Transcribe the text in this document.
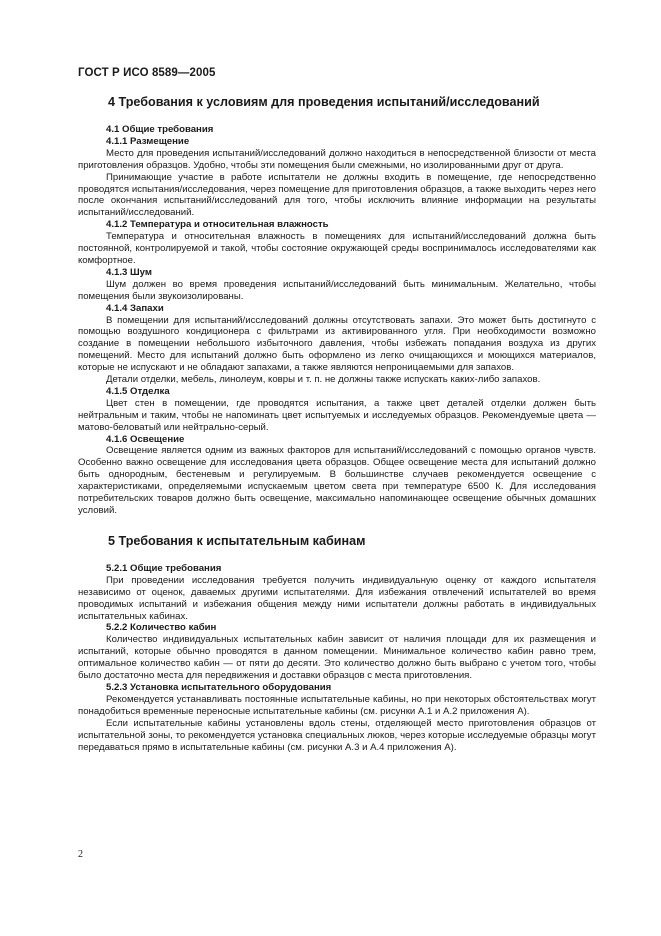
ГОСТ Р ИСО 8589—2005
4 Требования к условиям для проведения испытаний/исследований
4.1 Общие требования
4.1.1 Размещение

Место для проведения испытаний/исследований должно находиться в непосредственной близости от места приготовления образцов. Удобно, чтобы эти помещения были смежными, но изолированными друг от друга.

Принимающие участие в работе испытатели не должны входить в помещение, где непосредственно проводятся испытания/исследования, через помещение для приготовления образцов, а также выходить через него после окончания испытаний/исследований для того, чтобы исключить влияние информации на результаты испытаний/исследований.

4.1.2 Температура и относительная влажность

Температура и относительная влажность в помещениях для испытаний/исследований должна быть постоянной, контролируемой и такой, чтобы состояние окружающей среды воспринималось исследователями как комфортное.

4.1.3 Шум

Шум должен во время проведения испытаний/исследований быть минимальным. Желательно, чтобы помещения были звукоизолированы.

4.1.4 Запахи

В помещении для испытаний/исследований должны отсутствовать запахи. Это может быть достигнуто с помощью воздушного кондиционера с фильтрами из активированного угля. При необходимости возможно создание в помещении небольшого избыточного давления, чтобы избежать попадания воздуха из других помещений. Место для испытаний должно быть оформлено из легко очищающихся и моющихся материалов, которые не испускают и не обладают запахами, а также являются непроницаемыми для запахов.

Детали отделки, мебель, линолеум, ковры и т. п. не должны также испускать каких-либо запахов.

4.1.5 Отделка

Цвет стен в помещении, где проводятся испытания, а также цвет деталей отделки должен быть нейтральным и таким, чтобы не напоминать цвет испытуемых и исследуемых образцов. Рекомендуемые цвета — матово-беловатый или нейтрально-серый.

4.1.6 Освещение

Освещение является одним из важных факторов для испытаний/исследований с помощью органов чувств. Особенно важно освещение для исследования цвета образцов. Общее освещение места для испытаний должно быть однородным, бестеневым и регулируемым. В большинстве случаев рекомендуется освещение с характеристиками, определяемыми испускаемым цветом света при температуре 6500 К. Для исследования потребительских товаров должно быть освещение, максимально напоминающее освещение обычных домашних условий.

5 Требования к испытательным кабинам
5.2.1 Общие требования

При проведении исследования требуется получить индивидуальную оценку от каждого испытателя независимо от оценок, даваемых другими испытателями. Для избежания отвлечений испытателей во время проводимых испытаний и избежания общения между ними испытатели должны работать в индивидуальных испытательных кабинах.

5.2.2 Количество кабин

Количество индивидуальных испытательных кабин зависит от наличия площади для их размещения и испытаний, которые обычно проводятся в данном помещении. Минимальное количество кабин равно трем, оптимальное количество кабин — от пяти до десяти. Это количество должно быть выбрано с учетом того, чтобы было достаточно места для передвижения и доставки образцов с места приготовления.

5.2.3 Установка испытательного оборудования

Рекомендуется устанавливать постоянные испытательные кабины, но при некоторых обстоятельствах могут понадобиться временные переносные испытательные кабины (см. рисунки А.1 и А.2 приложения А).

Если испытательные кабины установлены вдоль стены, отделяющей место приготовления образцов от испытательной зоны, то рекомендуется установка специальных люков, через которые исследуемые образцы могут передаваться прямо в испытательные кабины (см. рисунки А.3 и А.4 приложения А).

2
